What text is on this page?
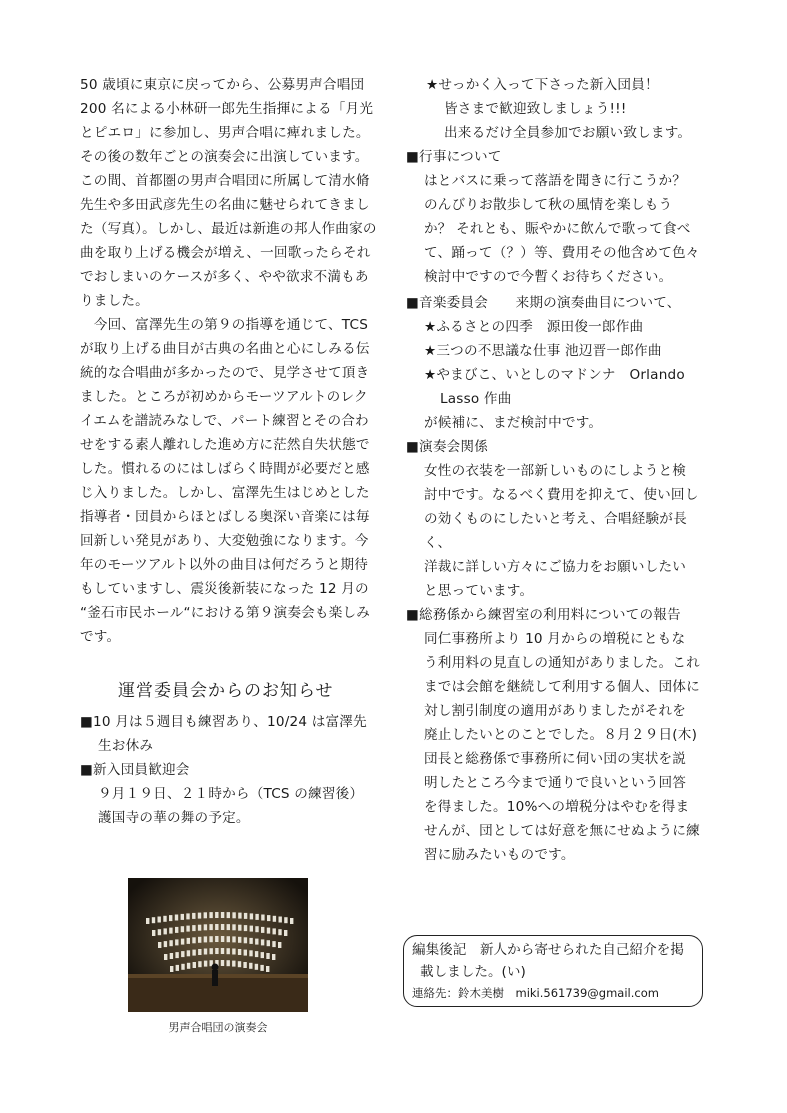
50 歳頃に東京に戻ってから、公募男声合唱団
200 名による小林研一郎先生指揮による「月光
とピエロ」に参加し、男声合唱に痺れました。
その後の数年ごとの演奏会に出演しています。
この間、首都圏の男声合唱団に所属して清水脩
先生や多田武彦先生の名曲に魅せられてきまし
た（写真）。しかし、最近は新進の邦人作曲家の
曲を取り上げる機会が増え、一回歌ったらそれ
でおしまいのケースが多く、やや欲求不満もあ
りました。

　今回、富澤先生の第９の指導を通じて、TCS
が取り上げる曲目が古典の名曲と心にしみる伝
統的な合唱曲が多かったので、見学させて頂き
ました。ところが初めからモーツアルトのレク
イエムを譜読みなしで、パート練習とその合わ
せをする素人離れした進め方に茫然自失状態で
した。慣れるのにはしばらく時間が必要だと感
じ入りました。しかし、富澤先生はじめとした
指導者・団員からほとばしる奥深い音楽には毎
回新しい発見があり、大変勉強になります。今
年のモーツアルト以外の曲目は何だろうと期待
もしていますし、震災後新装になった 12 月の
“釜石市民ホール“における第９演奏会も楽しみ
です。

運営委員会からのお知らせ
■10 月は５週目も練習あり、10/24 は富澤先
生お休み
■新入団員歓迎会
９月１９日、２１時から（TCS の練習後）
護国寺の華の舞の予定。
★せっかく入って下さった新入団員！
皆さまで歓迎致しましょう!!!
出来るだけ全員参加でお願い致します。
■行事について

はとバスに乗って落語を聞きに行こうか？
のんびりお散歩して秋の風情を楽しもう
か？ それとも、賑やかに飲んで歌って食べ
て、踊って（？）等、費用その他含めて色々
検討中ですので今暫くお待ちください。

■音楽委員会　　来期の演奏曲目について、
★ふるさとの四季　源田俊一郎作曲
★三つの不思議な仕事 池辺晋一郎作曲
★やまびこ、いとしのマドンナ　Orlando
Lasso 作曲
が候補に、まだ検討中です。
■演奏会関係

女性の衣装を一部新しいものにしようと検
討中です。なるべく費用を抑えて、使い回し
の効くものにしたいと考え、合唱経験が長く、
洋裁に詳しい方々にご協力をお願いしたい
と思っています。

■総務係から練習室の利用料についての報告

同仁事務所より 10 月からの増税にともな
う利用料の見直しの通知がありました。これ
までは会館を継続して利用する個人、団体に
対し割引制度の適用がありましたがそれを
廃止したいとのことでした。８月２９日(木)
団長と総務係で事務所に伺い団の実状を説
明したところ今まで通りで良いという回答
を得ました。10%への増税分はやむを得ま
せんが、団としては好意を無にせぬように練
習に励みたいものです。

男声合唱団の演奏会
編集後記　新人から寄せられた自己紹介を掲
載しました。(い)
連絡先：鈴木美樹　miki.561739@gmail.com
